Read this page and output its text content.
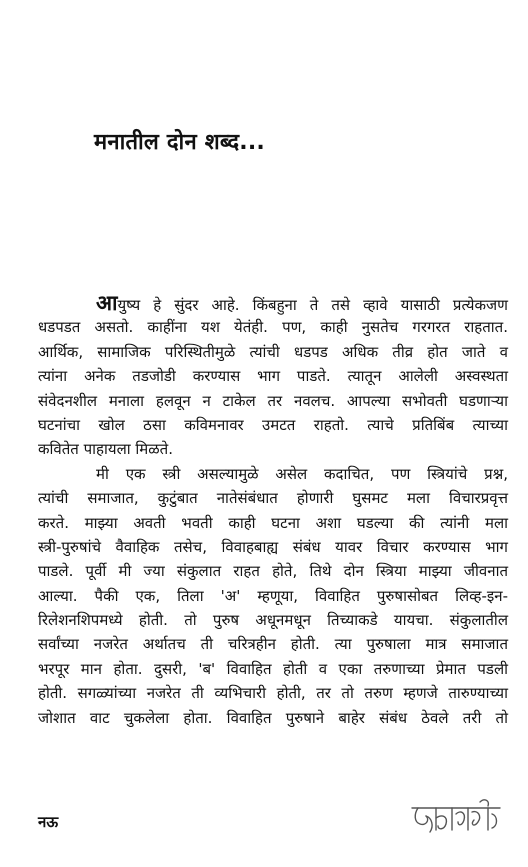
मनातील दोन शब्द...
आयुष्य हे सुंदर आहे. किंबहुना ते तसे व्हावे यासाठी प्रत्येकजण
धडपडत असतो. काहींना यश येतंही. पण, काही नुसतेच गरगरत राहतात.
आर्थिक, सामाजिक परिस्थितीमुळे त्यांची धडपड अधिक तीव्र होत जाते व
त्यांना अनेक तडजोडी करण्यास भाग पाडते. त्यातून आलेली अस्वस्थता
संवेदनशील मनाला हलवून न टाकेल तर नवलच. आपल्या सभोवती घडणाऱ्या
घटनांचा खोल ठसा कविमनावर उमटत राहतो. त्याचे प्रतिबिंब त्याच्या
कवितेत पाहायला मिळते.
मी एक स्त्री असल्यामुळे असेल कदाचित, पण स्त्रियांचे प्रश्न,
त्यांची समाजात, कुटुंबात नातेसंबंधात होणारी घुसमट मला विचारप्रवृत्त
करते. माझ्या अवती भवती काही घटना अशा घडल्या की त्यांनी मला
स्त्री-पुरुषांचे वैवाहिक तसेच, विवाहबाह्य संबंध यावर विचार करण्यास भाग
पाडले. पूर्वी मी ज्या संकुलात राहत होते, तिथे दोन स्त्रिया माझ्या जीवनात
आल्या. पैकी एक, तिला 'अ' म्हणूया, विवाहित पुरुषासोबत लिव्ह-इन-
रिलेशनशिपमध्ये होती. तो पुरुष अधूनमधून तिच्याकडे यायचा. संकुलातील
सर्वांच्या नजरेत अर्थातच ती चरित्रहीन होती. त्या पुरुषाला मात्र समाजात
भरपूर मान होता. दुसरी, 'ब' विवाहित होती व एका तरुणाच्या प्रेमात पडली
होती. सगळ्यांच्या नजरेत ती व्यभिचारी होती, तर तो तरुण म्हणजे तारुण्याच्या
जोशात वाट चुकलेला होता. विवाहित पुरुषाने बाहेर संबंध ठेवले तरी तो
नऊ
